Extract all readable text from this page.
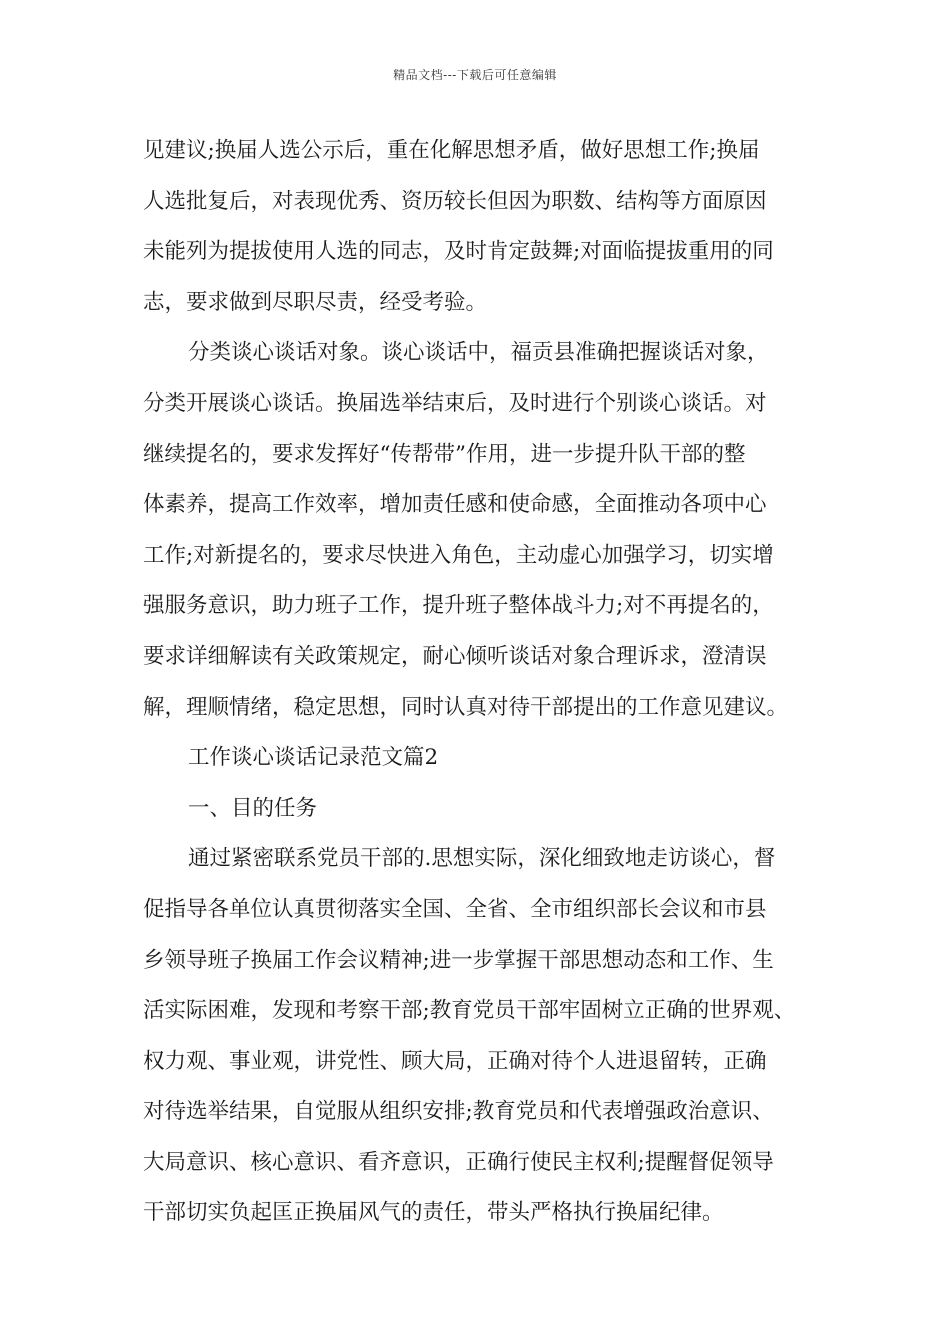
精品文档---下载后可任意编辑
见建议;换届人选公示后，重在化解思想矛盾，做好思想工作;换届
人选批复后，对表现优秀、资历较长但因为职数、结构等方面原因
未能列为提拔使用人选的同志，及时肯定鼓舞;对面临提拔重用的同
志，要求做到尽职尽责，经受考验。
分类谈心谈话对象。谈心谈话中，福贡县准确把握谈话对象，
分类开展谈心谈话。换届选举结束后，及时进行个别谈心谈话。对
继续提名的，要求发挥好“传帮带”作用，进一步提升队干部的整
体素养，提高工作效率，增加责任感和使命感，全面推动各项中心
工作;对新提名的，要求尽快进入角色，主动虚心加强学习，切实增
强服务意识，助力班子工作，提升班子整体战斗力;对不再提名的，
要求详细解读有关政策规定，耐心倾听谈话对象合理诉求，澄清误
解，理顺情绪，稳定思想，同时认真对待干部提出的工作意见建议。
工作谈心谈话记录范文篇2
一、目的任务
通过紧密联系党员干部的.思想实际，深化细致地走访谈心，督
促指导各单位认真贯彻落实全国、全省、全市组织部长会议和市县
乡领导班子换届工作会议精神;进一步掌握干部思想动态和工作、生
活实际困难，发现和考察干部;教育党员干部牢固树立正确的世界观、
权力观、事业观，讲党性、顾大局，正确对待个人进退留转，正确
对待选举结果，自觉服从组织安排;教育党员和代表增强政治意识、
大局意识、核心意识、看齐意识，正确行使民主权利;提醒督促领导
干部切实负起匡正换届风气的责任，带头严格执行换届纪律。
